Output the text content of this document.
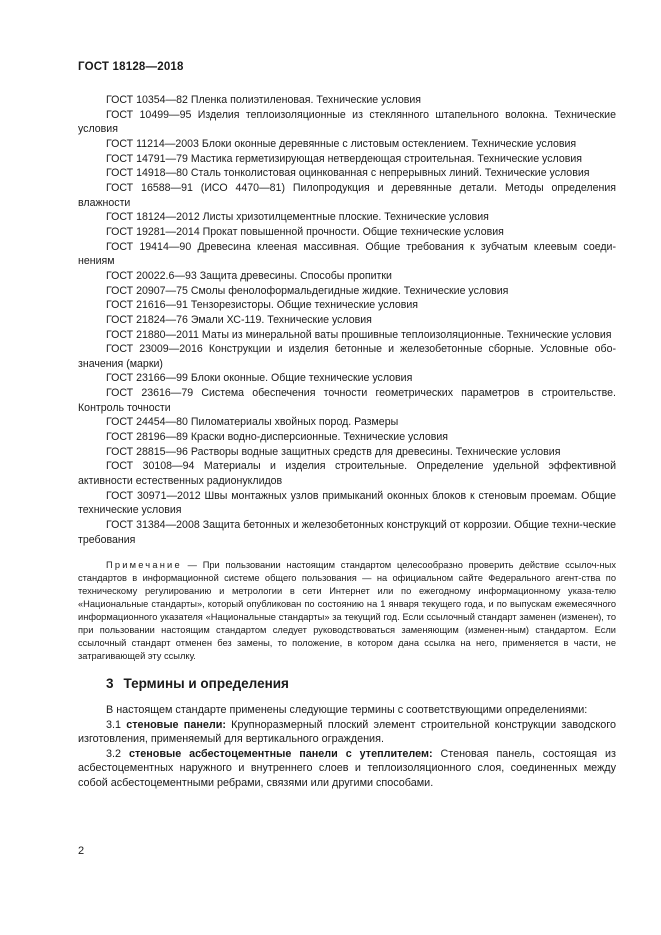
ГОСТ 18128—2018

ГОСТ 10354—82 Пленка полиэтиленовая. Технические условия

ГОСТ 10499—95 Изделия теплоизоляционные из стеклянного штапельного волокна. Технические условия

ГОСТ 11214—2003 Блоки оконные деревянные с листовым остеклением. Технические условия

ГОСТ 14791—79 Мастика герметизирующая нетвердеющая строительная. Технические условия

ГОСТ 14918—80 Сталь тонколистовая оцинкованная с непрерывных линий. Технические условия

ГОСТ 16588—91 (ИСО 4470—81) Пилопродукция и деревянные детали. Методы определения влажности

ГОСТ 18124—2012 Листы хризотилцементные плоские. Технические условия

ГОСТ 19281—2014 Прокат повышенной прочности. Общие технические условия

ГОСТ 19414—90 Древесина клееная массивная. Общие требования к зубчатым клеевым соеди-нениям

ГОСТ 20022.6—93 Защита древесины. Способы пропитки

ГОСТ 20907—75 Смолы фенолоформальдегидные жидкие. Технические условия

ГОСТ 21616—91 Тензорезисторы. Общие технические условия

ГОСТ 21824—76 Эмали ХС-119. Технические условия

ГОСТ 21880—2011 Маты из минеральной ваты прошивные теплоизоляционные. Технические условия

ГОСТ 23009—2016 Конструкции и изделия бетонные и железобетонные сборные. Условные обо-значения (марки)

ГОСТ 23166—99 Блоки оконные. Общие технические условия

ГОСТ 23616—79 Система обеспечения точности геометрических параметров в строительстве. Контроль точности

ГОСТ 24454—80 Пиломатериалы хвойных пород. Размеры

ГОСТ 28196—89 Краски водно-дисперсионные. Технические условия

ГОСТ 28815—96 Растворы водные защитных средств для древесины. Технические условия

ГОСТ 30108—94 Материалы и изделия строительные. Определение удельной эффективной активности естественных радионуклидов

ГОСТ 30971—2012 Швы монтажных узлов примыканий оконных блоков к стеновым проемам. Общие технические условия

ГОСТ 31384—2008 Защита бетонных и железобетонных конструкций от коррозии. Общие техни-ческие требования

Примечание — При пользовании настоящим стандартом целесообразно проверить действие ссылоч-ных стандартов в информационной системе общего пользования — на официальном сайте Федерального агент-ства по техническому регулированию и метрологии в сети Интернет или по ежегодному информационному указа-телю «Национальные стандарты», который опубликован по состоянию на 1 января текущего года, и по выпускам ежемесячного информационного указателя «Национальные стандарты» за текущий год. Если ссылочный стандарт заменен (изменен), то при пользовании настоящим стандартом следует руководствоваться заменяющим (изменен-ным) стандартом. Если ссылочный стандарт отменен без замены, то положение, в котором дана ссылка на него, применяется в части, не затрагивающей эту ссылку.

3 Термины и определения

В настоящем стандарте применены следующие термины с соответствующими определениями:

3.1 стеновые панели: Крупноразмерный плоский элемент строительной конструкции заводского изготовления, применяемый для вертикального ограждения.

3.2 стеновые асбестоцементные панели с утеплителем: Стеновая панель, состоящая из асбестоцементных наружного и внутреннего слоев и теплоизоляционного слоя, соединенных между собой асбестоцементными ребрами, связями или другими способами.

2
